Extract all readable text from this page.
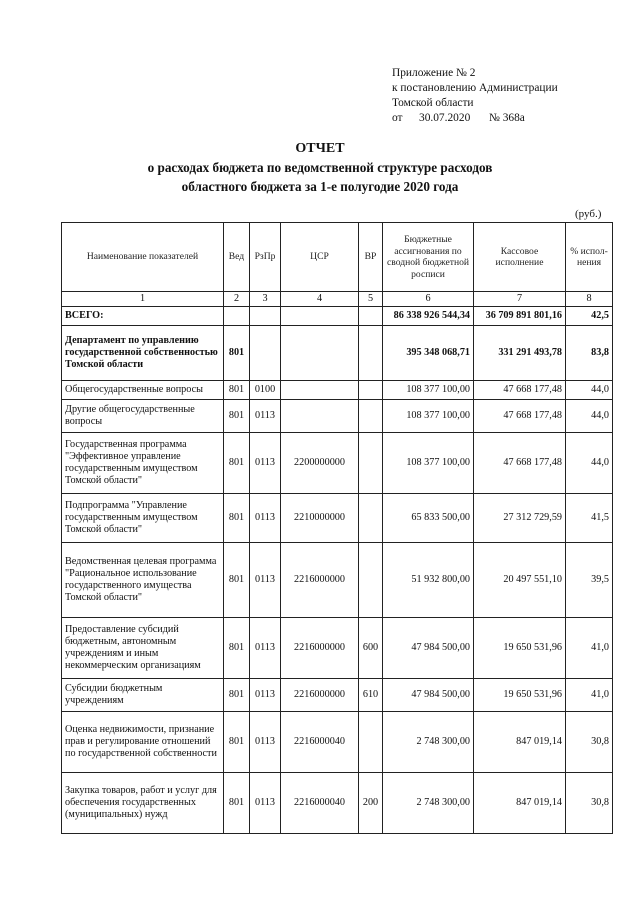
Приложение № 2
к постановлению Администрации
Томской области
от 30.07.2020 № 368а
ОТЧЕТ
о расходах бюджета по ведомственной структуре расходов
областного бюджета за 1-е полугодие 2020 года
(руб.)
Наименование показателей	Вед	РзПр	ЦСР	ВР	Бюджетные ассигнования по сводной бюджетной росписи	Кассовое исполнение	% испол-нения
1	2	3	4	5	6	7	8
ВСЕГО:					86 338 926 544,34	36 709 891 801,16	42,5
Департамент по управлению государственной собственностью Томской области	801				395 348 068,71	331 291 493,78	83,8
Общегосударственные вопросы	801	0100			108 377 100,00	47 668 177,48	44,0
Другие общегосударственные вопросы	801	0113			108 377 100,00	47 668 177,48	44,0
Государственная программа "Эффективное управление государственным имуществом Томской области"	801	0113	2200000000		108 377 100,00	47 668 177,48	44,0
Подпрограмма "Управление государственным имуществом Томской области"	801	0113	2210000000		65 833 500,00	27 312 729,59	41,5
Ведомственная целевая программа "Рациональное использование государственного имущества Томской области"	801	0113	2216000000		51 932 800,00	20 497 551,10	39,5
Предоставление субсидий бюджетным, автономным учреждениям и иным некоммерческим организациям	801	0113	2216000000	600	47 984 500,00	19 650 531,96	41,0
Субсидии бюджетным учреждениям	801	0113	2216000000	610	47 984 500,00	19 650 531,96	41,0
Оценка недвижимости, признание прав и регулирование отношений по государственной собственности	801	0113	2216000040		2 748 300,00	847 019,14	30,8
Закупка товаров, работ и услуг для обеспечения государственных (муниципальных) нужд	801	0113	2216000040	200	2 748 300,00	847 019,14	30,8
